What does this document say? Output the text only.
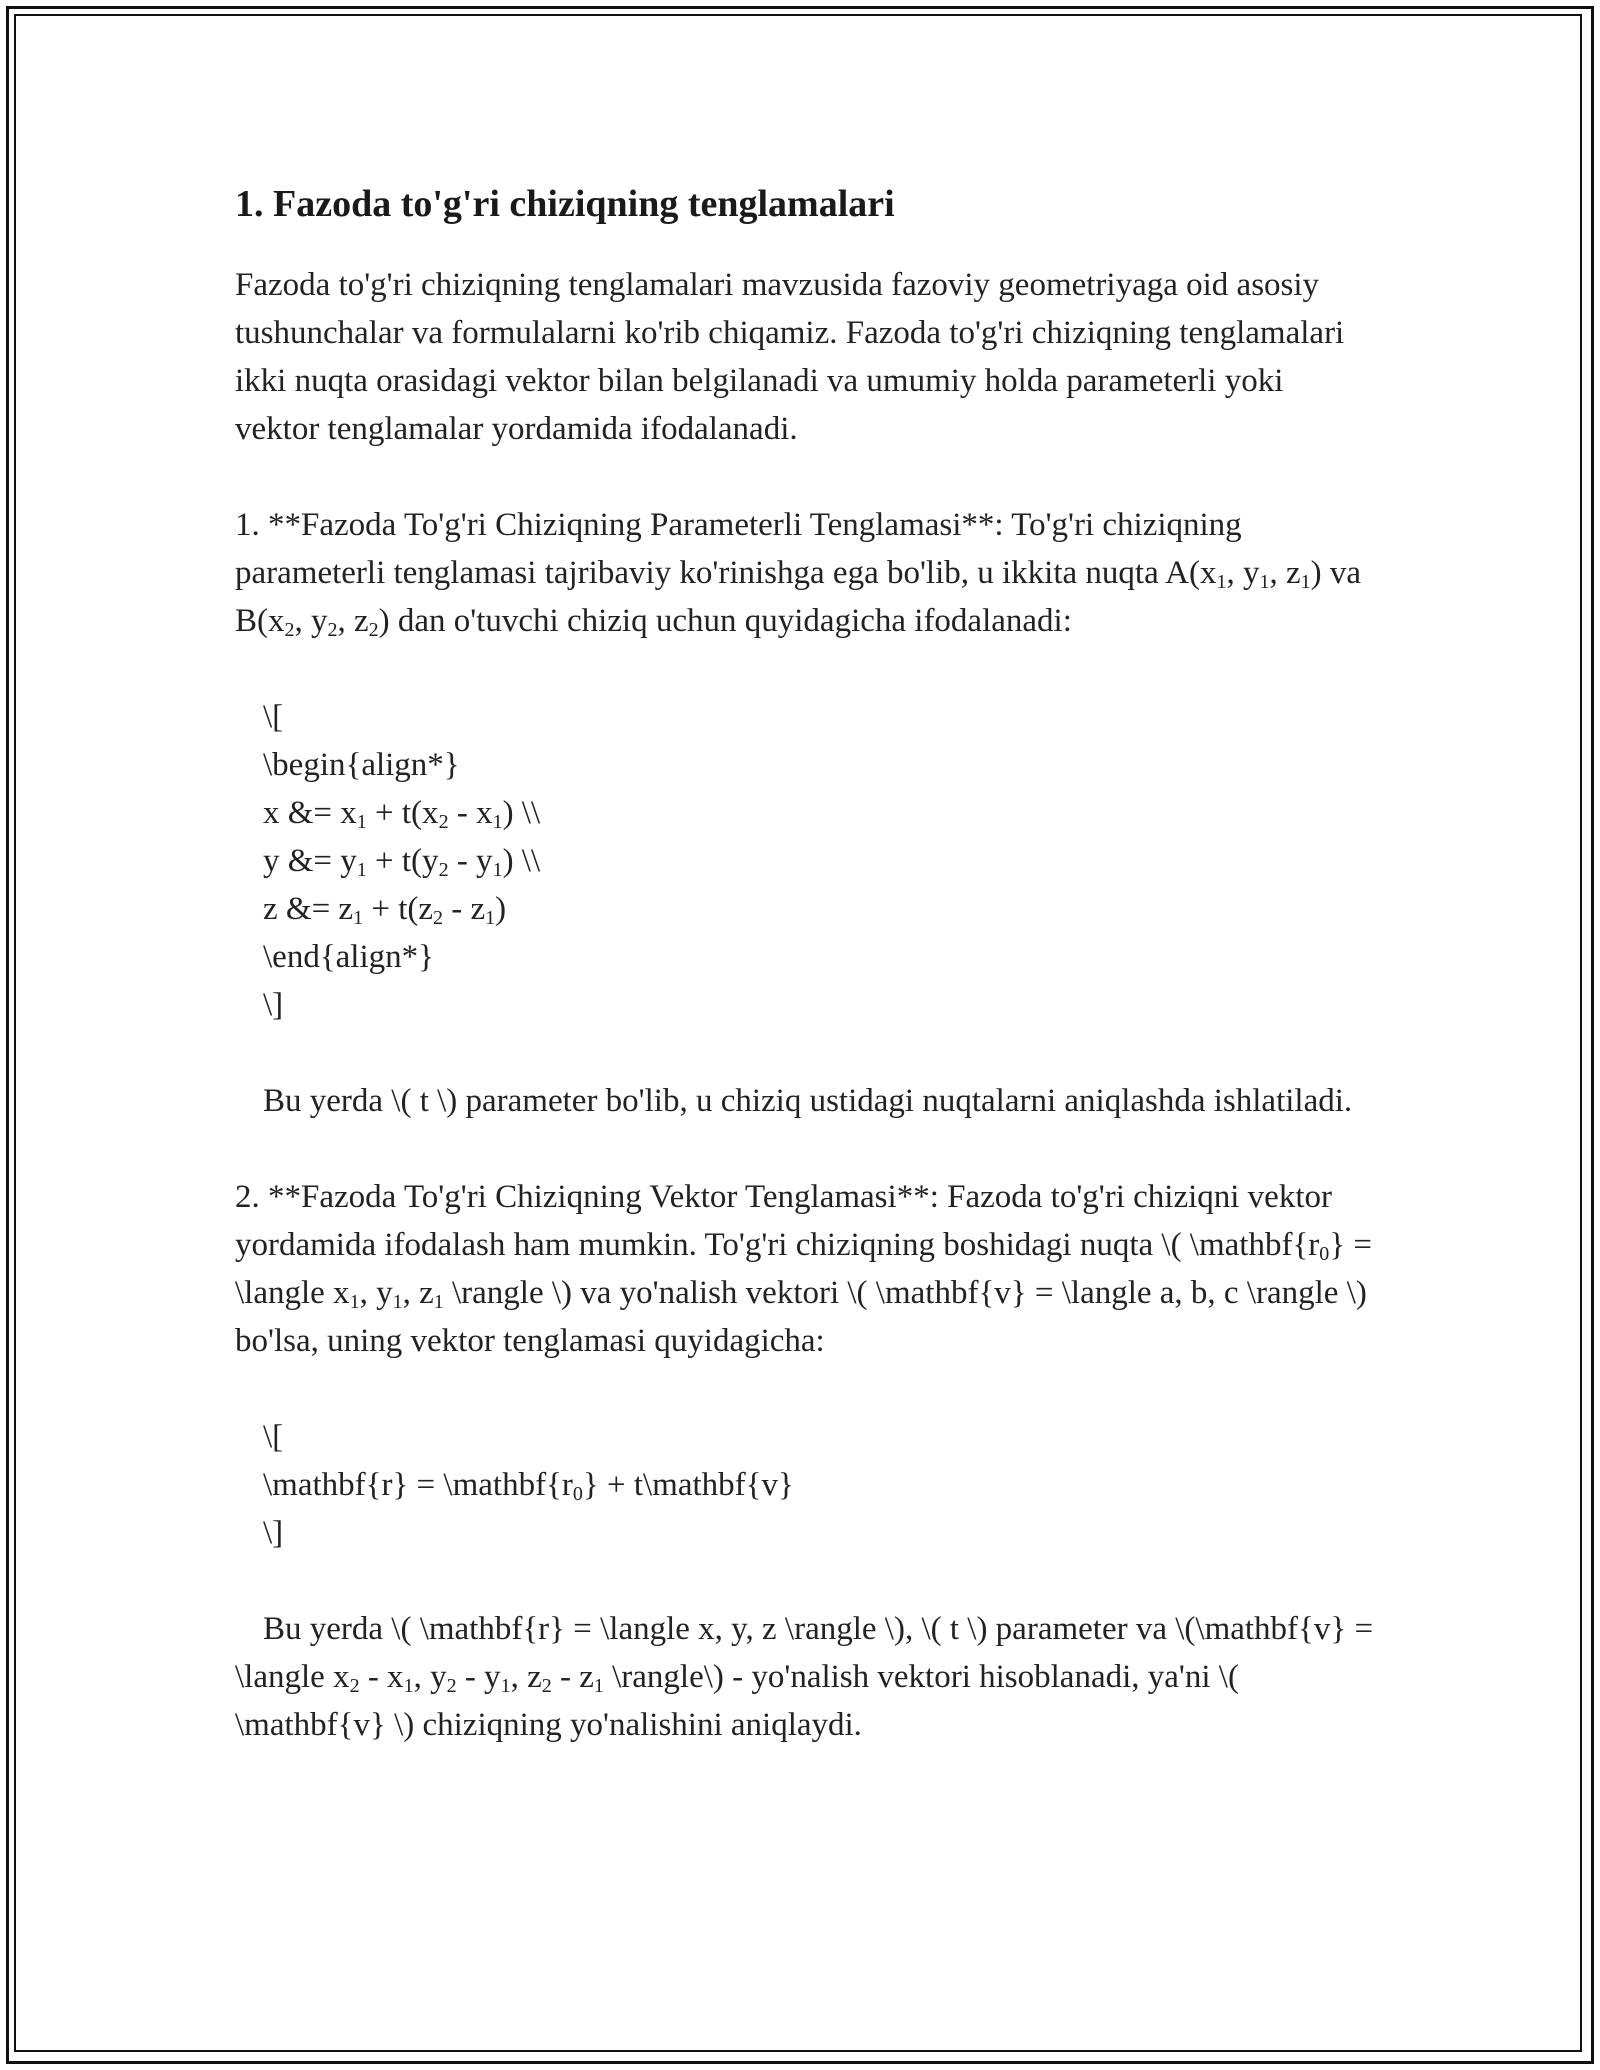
1. Fazoda to'g'ri chiziqning tenglamalari

Fazoda to'g'ri chiziqning tenglamalari mavzusida fazoviy geometriyaga oid asosiy tushunchalar va formulalarni ko'rib chiqamiz. Fazoda to'g'ri chiziqning tenglamalari ikki nuqta orasidagi vektor bilan belgilanadi va umumiy holda parameterli yoki vektor tenglamalar yordamida ifodalanadi.

1. **Fazoda To'g'ri Chiziqning Parameterli Tenglamasi**: To'g'ri chiziqning parameterli tenglamasi tajribaviy ko'rinishga ega bo'lib, u ikkita nuqta $A(x_1$, $y_1$, $z_1$) va $B(x_2$, $y_2$, $z_2$) dan o'tuvchi chiziq uchun quyidagicha ifodalanadi:

\[
\begin{align*}
x &= $x_1 + t(x_2 - x_1)$ \\
y &= $y_1 + t(y_2 - y_1)$ \\
z &= $z_1 + t(z_2 - z_1)$
\end{align*}
\]

Bu yerda \( t \) parameter bo'lib, u chiziq ustidagi nuqtalarni aniqlashda ishlatiladi.

2. **Fazoda To'g'ri Chiziqning Vektor Tenglamasi**: Fazoda to'g'ri chiziqni vektor yordamida ifodalash ham mumkin. To'g'ri chiziqning boshidagi nuqta \( $\backslash mathbf\{r_0\}$ = \langle $x_1$, $y_1$, $z_1$ \rangle \) va yo'nalish vektori \( \mathbf{v} = \langle a, b, c \rangle \) bo'lsa, uning vektor tenglamasi quyidagicha:

\[
\mathbf{r} = $\backslash mathbf\{r_0\}$ + t\mathbf{v}
\]

Bu yerda \( \mathbf{r} = \langle x, y, z \rangle \), \( t \) parameter va \(\mathbf{v} = \langle $x_2 - x_1$, $y_2 - y_1$, $z_2 - z_1$ \rangle\) - yo'nalish vektori hisoblanadi, ya'ni \( \mathbf{v} \) chiziqning yo'nalishini aniqlaydi.
